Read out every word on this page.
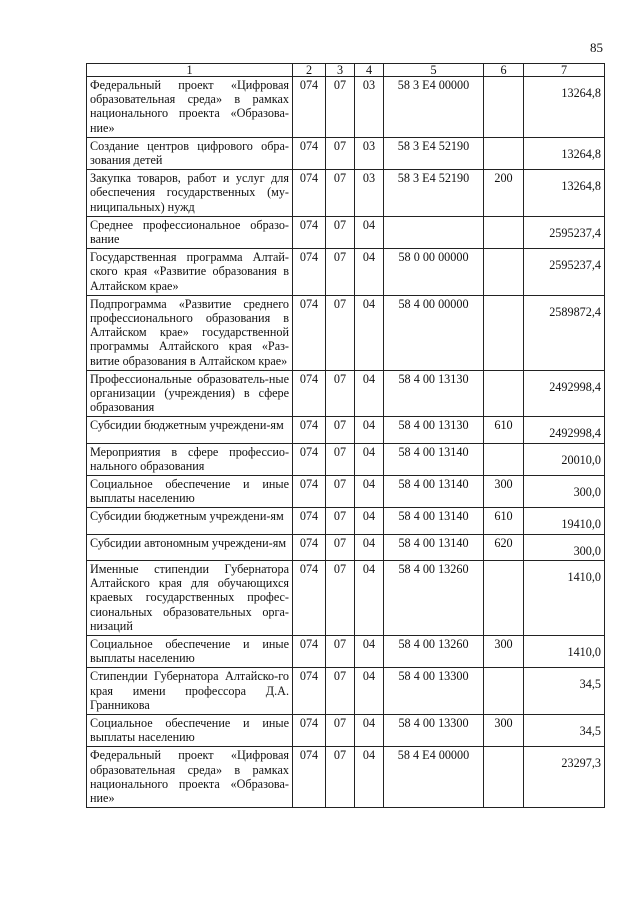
85
1	2	3	4	5	6	7
Федеральный проект «Цифровая образовательная среда» в рамках национального проекта «Образова-ние»	074	07	03	58 3 E4 00000		13264,8
Создание центров цифрового обра-зования детей	074	07	03	58 3 E4 52190		13264,8
Закупка товаров, работ и услуг для обеспечения государственных (му-ниципальных) нужд	074	07	03	58 3 E4 52190	200	13264,8
Среднее профессиональное образо-вание	074	07	04			2595237,4
Государственная программа Алтай-ского края «Развитие образования в Алтайском крае»	074	07	04	58 0 00 00000		2595237,4
Подпрограмма «Развитие среднего профессионального образования в Алтайском крае» государственной программы Алтайского края «Раз-витие образования в Алтайском крае»	074	07	04	58 4 00 00000		2589872,4
Профессиональные образователь-ные организации (учреждения) в сфере образования	074	07	04	58 4 00 13130		2492998,4
Субсидии бюджетным учреждени-ям	074	07	04	58 4 00 13130	610	2492998,4
Мероприятия в сфере профессио-нального образования	074	07	04	58 4 00 13140		20010,0
Социальное обеспечение и иные выплаты населению	074	07	04	58 4 00 13140	300	300,0
Субсидии бюджетным учреждени-ям	074	07	04	58 4 00 13140	610	19410,0
Субсидии автономным учреждени-ям	074	07	04	58 4 00 13140	620	300,0
Именные стипендии Губернатора Алтайского края для обучающихся краевых государственных профес-сиональных образовательных орга-низаций	074	07	04	58 4 00 13260		1410,0
Социальное обеспечение и иные выплаты населению	074	07	04	58 4 00 13260	300	1410,0
Стипендии Губернатора Алтайско-го края имени профессора Д.А. Гранникова	074	07	04	58 4 00 13300		34,5
Социальное обеспечение и иные выплаты населению	074	07	04	58 4 00 13300	300	34,5
Федеральный проект «Цифровая образовательная среда» в рамках национального проекта «Образова-ние»	074	07	04	58 4 E4 00000		23297,3
